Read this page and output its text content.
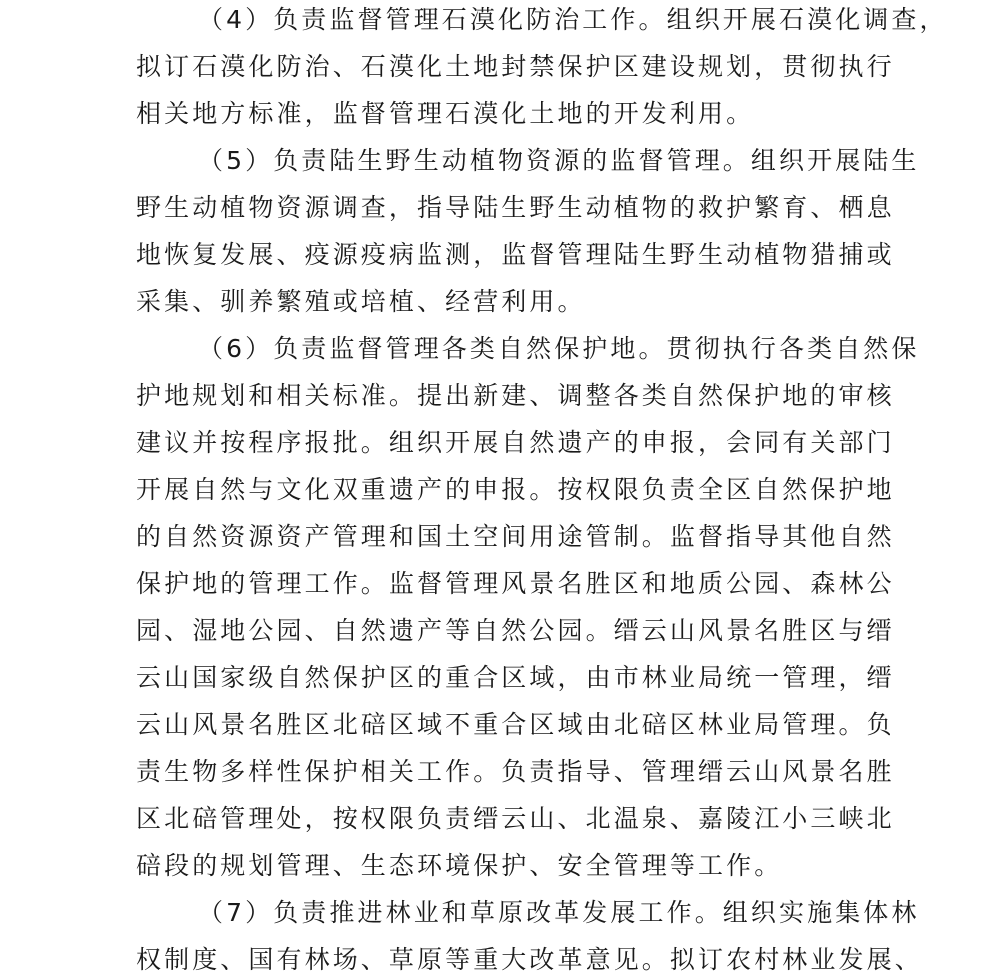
（4）负责监督管理石漠化防治工作。组织开展石漠化调查，
拟订石漠化防治、石漠化土地封禁保护区建设规划，贯彻执行
相关地方标准，监督管理石漠化土地的开发利用。
（5）负责陆生野生动植物资源的监督管理。组织开展陆生
野生动植物资源调查，指导陆生野生动植物的救护繁育、栖息
地恢复发展、疫源疫病监测，监督管理陆生野生动植物猎捕或
采集、驯养繁殖或培植、经营利用。
（6）负责监督管理各类自然保护地。贯彻执行各类自然保
护地规划和相关标准。提出新建、调整各类自然保护地的审核
建议并按程序报批。组织开展自然遗产的申报，会同有关部门
开展自然与文化双重遗产的申报。按权限负责全区自然保护地
的自然资源资产管理和国土空间用途管制。监督指导其他自然
保护地的管理工作。监督管理风景名胜区和地质公园、森林公
园、湿地公园、自然遗产等自然公园。缙云山风景名胜区与缙
云山国家级自然保护区的重合区域，由市林业局统一管理，缙
云山风景名胜区北碚区域不重合区域由北碚区林业局管理。负
责生物多样性保护相关工作。负责指导、管理缙云山风景名胜
区北碚管理处，按权限负责缙云山、北温泉、嘉陵江小三峡北
碚段的规划管理、生态环境保护、安全管理等工作。
（7）负责推进林业和草原改革发展工作。组织实施集体林
权制度、国有林场、草原等重大改革意见。拟订农村林业发展、
